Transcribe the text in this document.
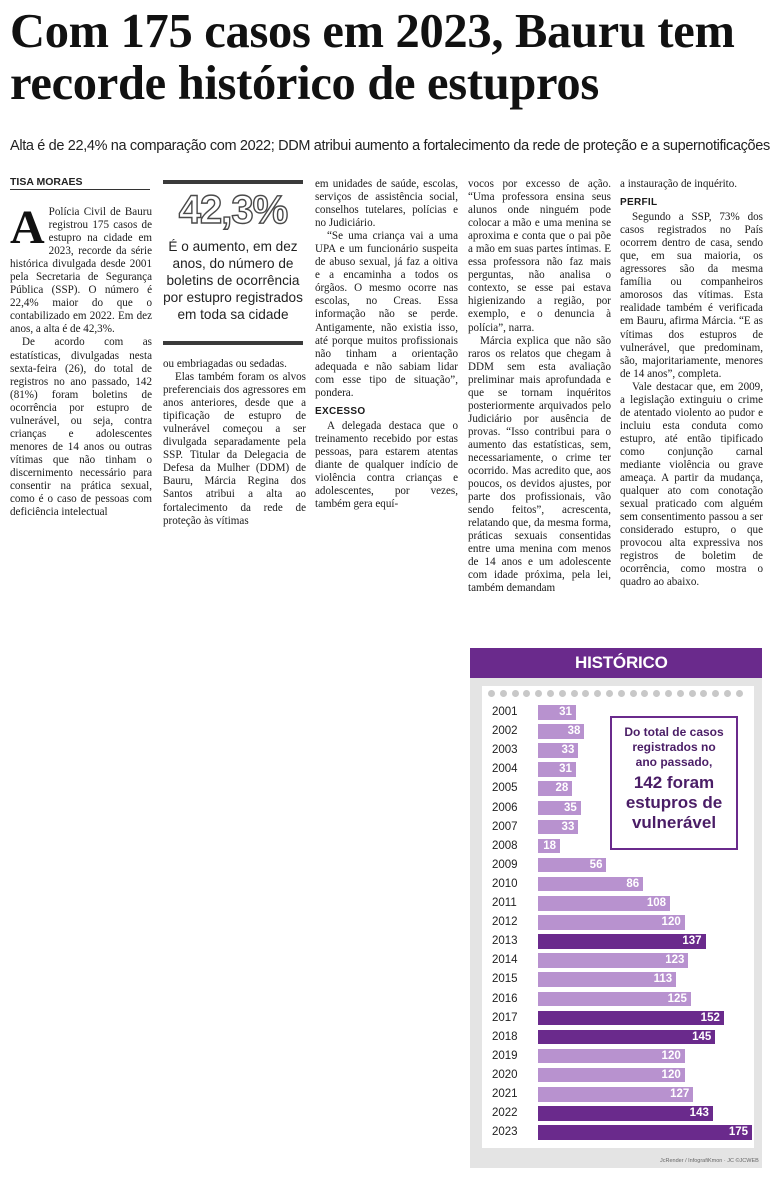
Com 175 casos em 2023, Bauru tem recorde histórico de estupros
Alta é de 22,4% na comparação com 2022; DDM atribui aumento a fortalecimento da rede de proteção e a supernotificações
TISA MORAES
A Polícia Civil de Bauru registrou 175 casos de estupro na cidade em 2023, recorde da série histórica divulgada desde 2001 pela Secretaria de Segurança Pública (SSP). O número é 22,4% maior do que o contabilizado em 2022. Em dez anos, a alta é de 42,3%.

De acordo com as estatísticas, divulgadas nesta sexta-feira (26), do total de registros no ano passado, 142 (81%) foram boletins de ocorrência por estupro de vulnerável, ou seja, contra crianças e adolescentes menores de 14 anos ou outras vítimas que não tinham o discernimento necessário para consentir na prática sexual, como é o caso de pessoas com deficiência intelectual

42,3%
É o aumento, em dez anos, do número de boletins de ocorrência por estupro registrados em toda sa cidade

ou embriagadas ou sedadas.

Elas também foram os alvos preferenciais dos agressores em anos anteriores, desde que a tipificação de estupro de vulnerável começou a ser divulgada separadamente pela SSP. Titular da Delegacia de Defesa da Mulher (DDM) de Bauru, Márcia Regina dos Santos atribui a alta ao fortalecimento da rede de proteção às vítimas

em unidades de saúde, escolas, serviços de assistência social, conselhos tutelares, polícias e no Judiciário.

“Se uma criança vai a uma UPA e um funcionário suspeita de abuso sexual, já faz a oitiva e a encaminha a todos os órgãos. O mesmo ocorre nas escolas, no Creas. Essa informação não se perde. Antigamente, não existia isso, até porque muitos profissionais não tinham a orientação adequada e não sabiam lidar com esse tipo de situação”, pondera.

EXCESSO

A delegada destaca que o treinamento recebido por estas pessoas, para estarem atentas diante de qualquer indício de violência contra crianças e adolescentes, por vezes, também gera equí-

vocos por excesso de ação. “Uma professora ensina seus alunos onde ninguém pode colocar a mão e uma menina se aproxima e conta que o pai põe a mão em suas partes íntimas. E essa professora não faz mais perguntas, não analisa o contexto, se esse pai estava higienizando a região, por exemplo, e o denuncia à polícia”, narra.

Márcia explica que não são raros os relatos que chegam à DDM sem esta avaliação preliminar mais aprofundada e que se tornam inquéritos posteriormente arquivados pelo Judiciário por ausência de provas. “Isso contribui para o aumento das estatísticas, sem, necessariamente, o crime ter ocorrido. Mas acredito que, aos poucos, os devidos ajustes, por parte dos profissionais, vão sendo feitos”, acrescenta, relatando que, da mesma forma, práticas sexuais consentidas entre uma menina com menos de 14 anos e um adolescente com idade próxima, pela lei, também demandam

a instauração de inquérito.

PERFIL

Segundo a SSP, 73% dos casos registrados no País ocorrem dentro de casa, sendo que, em sua maioria, os agressores são da mesma família ou companheiros amorosos das vítimas. Esta realidade também é verificada em Bauru, afirma Márcia. “E as vítimas dos estupros de vulnerável, que predominam, são, majoritariamente, menores de 14 anos”, completa.

Vale destacar que, em 2009, a legislação extinguiu o crime de atentado violento ao pudor e incluiu esta conduta como estupro, até então tipificado como conjunção carnal mediante violência ou grave ameaça. A partir da mudança, qualquer ato com conotação sexual praticado com alguém sem consentimento passou a ser considerado estupro, o que provocou alta expressiva nos registros de boletim de ocorrência, como mostra o quadro ao abaixo.

HISTÓRICO
Do total de casos registrados no ano passado,
142 foram estupros de vulnerável
2001	31
2002	38
2003	33
2004	31
2005	28
2006	35
2007	33
2008	18
2009	56
2010	86
2011	108
2012	120
2013	137
2014	123
2015	113
2016	125
2017	152
2018	145
2019	120
2020	120
2021	127
2022	143
2023	175
JcRender / InfografiKmon · JC ©JCWEB
